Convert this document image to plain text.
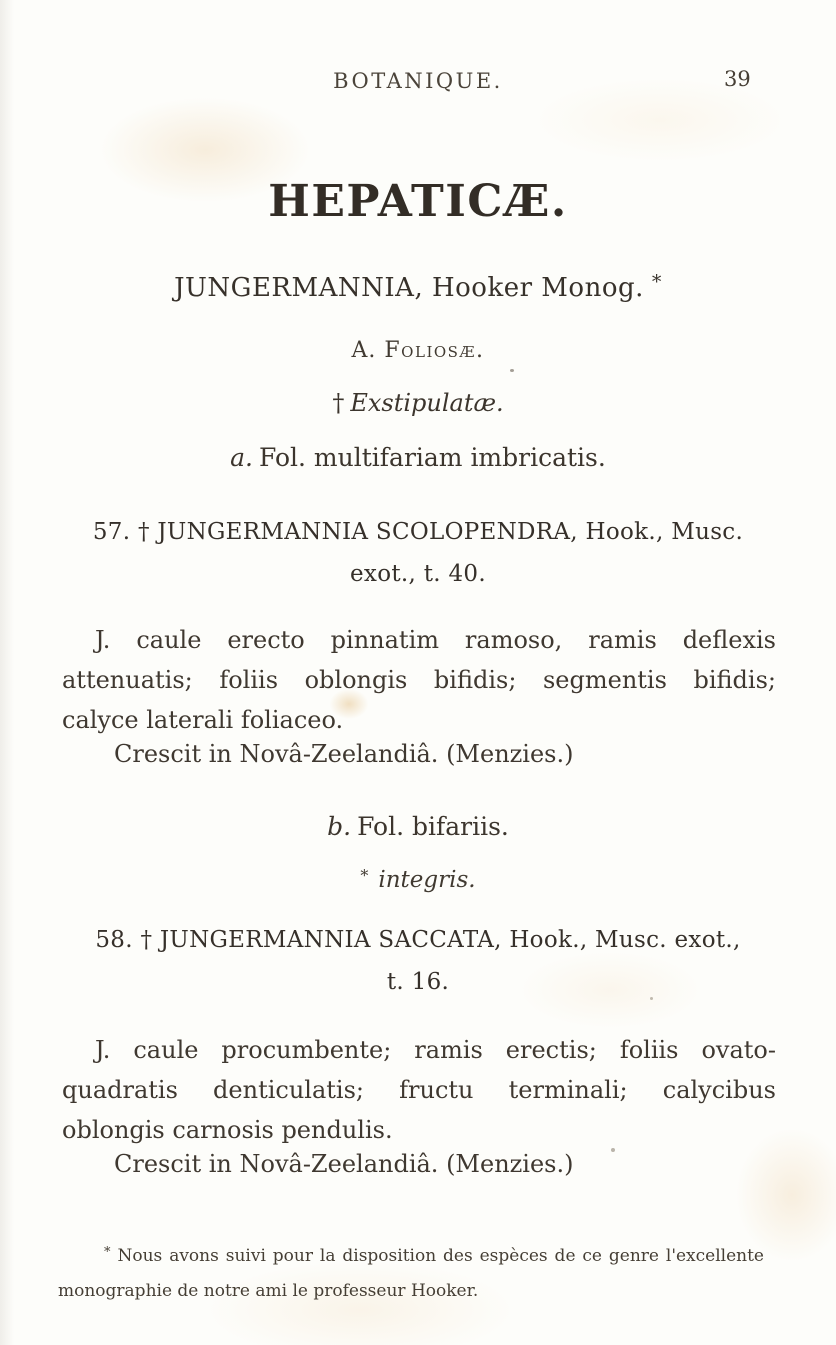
BOTANIQUE.	39
HEPATICÆ.
JUNGERMANNIA, Hooker Monog. *
A. Foliosæ.
† Exstipulatæ.
a. Fol. multifariam imbricatis.
57. † JUNGERMANNIA SCOLOPENDRA, Hook., Musc.
exot., t. 40.
J. caule erecto pinnatim ramoso, ramis deflexis
attenuatis; foliis oblongis bifidis; segmentis bifidis;
calyce laterali foliaceo.
Crescit in Novâ-Zeelandiâ. (Menzies.)
b. Fol. bifariis.
* integris.
58. † JUNGERMANNIA SACCATA, Hook., Musc. exot.,
t. 16.
J. caule procumbente; ramis erectis; foliis ovato-
quadratis denticulatis; fructu terminali; calycibus
oblongis carnosis pendulis.
Crescit in Novâ-Zeelandiâ. (Menzies.)
* Nous avons suivi pour la disposition des espèces de ce genre l'excellente
monographie de notre ami le professeur Hooker.
